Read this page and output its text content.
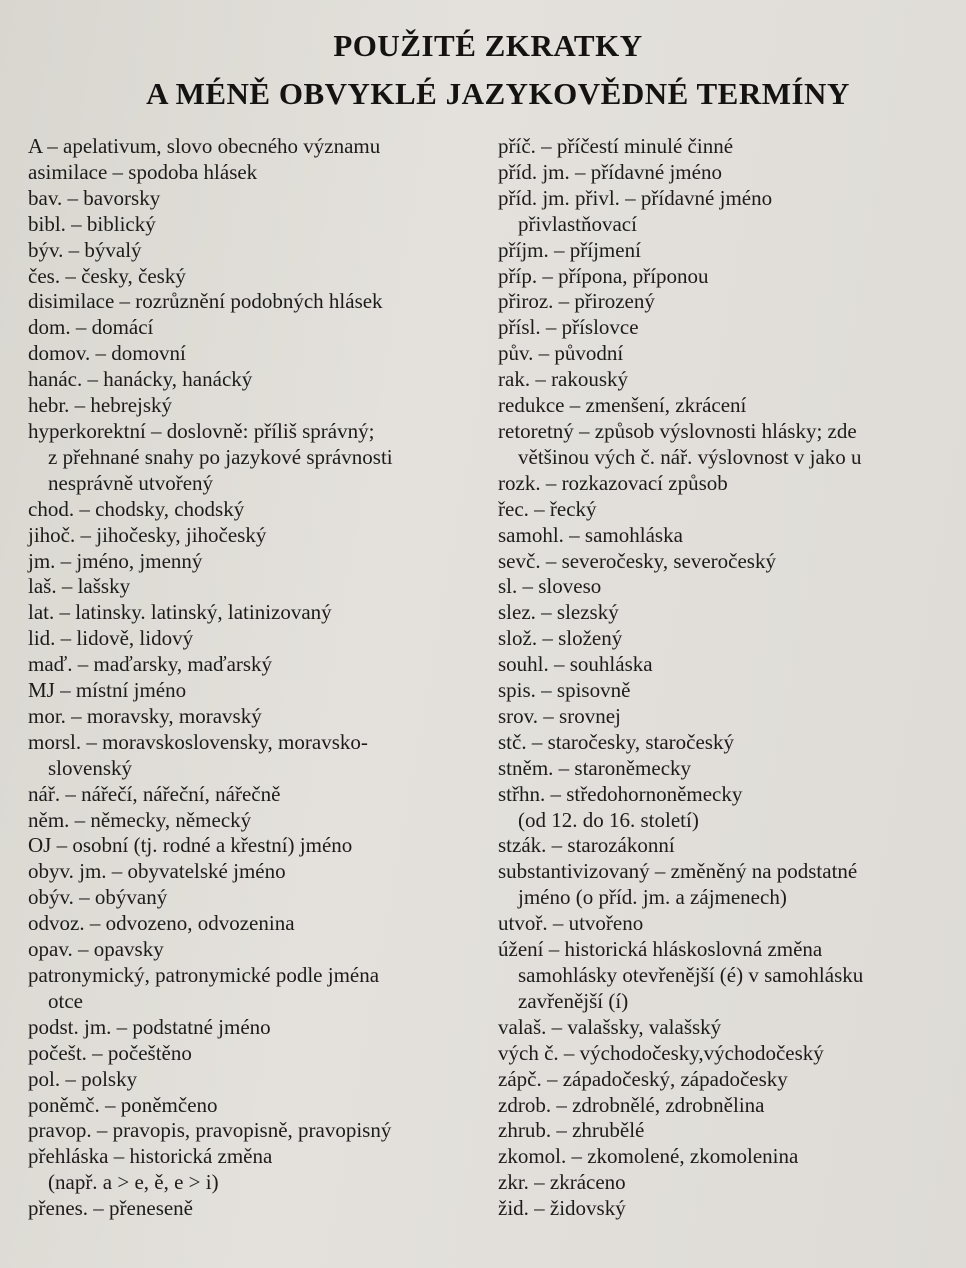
POUŽITÉ ZKRATKY
A MÉNĚ OBVYKLÉ JAZYKOVĚDNÉ TERMÍNY
A – apelativum, slovo obecného významu
asimilace – spodoba hlásek
bav. – bavorsky
bibl. – biblický
býv. – bývalý
čes. – česky, český
disimilace – rozrůznění podobných hlásek
dom. – domácí
domov. – domovní
hanác. – hanácky, hanácký
hebr. – hebrejský
hyperkorektní – doslovně: příliš správný;
z přehnané snahy po jazykové správnosti
nesprávně utvořený
chod. – chodsky, chodský
jihoč. – jihočesky, jihočeský
jm. – jméno, jmenný
laš. – lašsky
lat. – latinsky. latinský, latinizovaný
lid. – lidově, lidový
maď. – maďarsky, maďarský
MJ – místní jméno
mor. – moravsky, moravský
morsl. – moravskoslovensky, moravsko-
slovenský
nář. – nářečí, nářeční, nářečně
něm. – německy, německý
OJ – osobní (tj. rodné a křestní) jméno
obyv. jm. – obyvatelské jméno
obýv. – obývaný
odvoz. – odvozeno, odvozenina
opav. – opavsky
patronymický, patronymické podle jména
otce
podst. jm. – podstatné jméno
počešt. – počeštěno
pol. – polsky
poněmč. – poněmčeno
pravop. – pravopis, pravopisně, pravopisný
přehláska – historická změna
(např. a > e, ě, e > i)
přenes. – přeneseně
příč. – příčestí minulé činné
příd. jm. – přídavné jméno
příd. jm. přivl. – přídavné jméno
přivlastňovací
příjm. – příjmení
příp. – přípona, příponou
přiroz. – přirozený
přísl. – příslovce
pův. – původní
rak. – rakouský
redukce – zmenšení, zkrácení
retoretný – způsob výslovnosti hlásky; zde
většinou vých č. nář. výslovnost v jako u
rozk. – rozkazovací způsob
řec. – řecký
samohl. – samohláska
sevč. – severočesky, severočeský
sl. – sloveso
slez. – slezský
slož. – složený
souhl. – souhláska
spis. – spisovně
srov. – srovnej
stč. – staročesky, staročeský
stněm. – staroněmecky
střhn. – středohornoněmecky
(od 12. do 16. století)
stzák. – starozákonní
substantivizovaný – změněný na podstatné
jméno (o příd. jm. a zájmenech)
utvoř. – utvořeno
úžení – historická hláskoslovná změna
samohlásky otevřenější (é) v samohlásku
zavřenější (í)
valaš. – valašsky, valašský
vých č. – východočesky,východočeský
zápč. – západočeský, západočesky
zdrob. – zdrobnělé, zdrobnělina
zhrub. – zhrubělé
zkomol. – zkomolené, zkomolenina
zkr. – zkráceno
žid. – židovský
